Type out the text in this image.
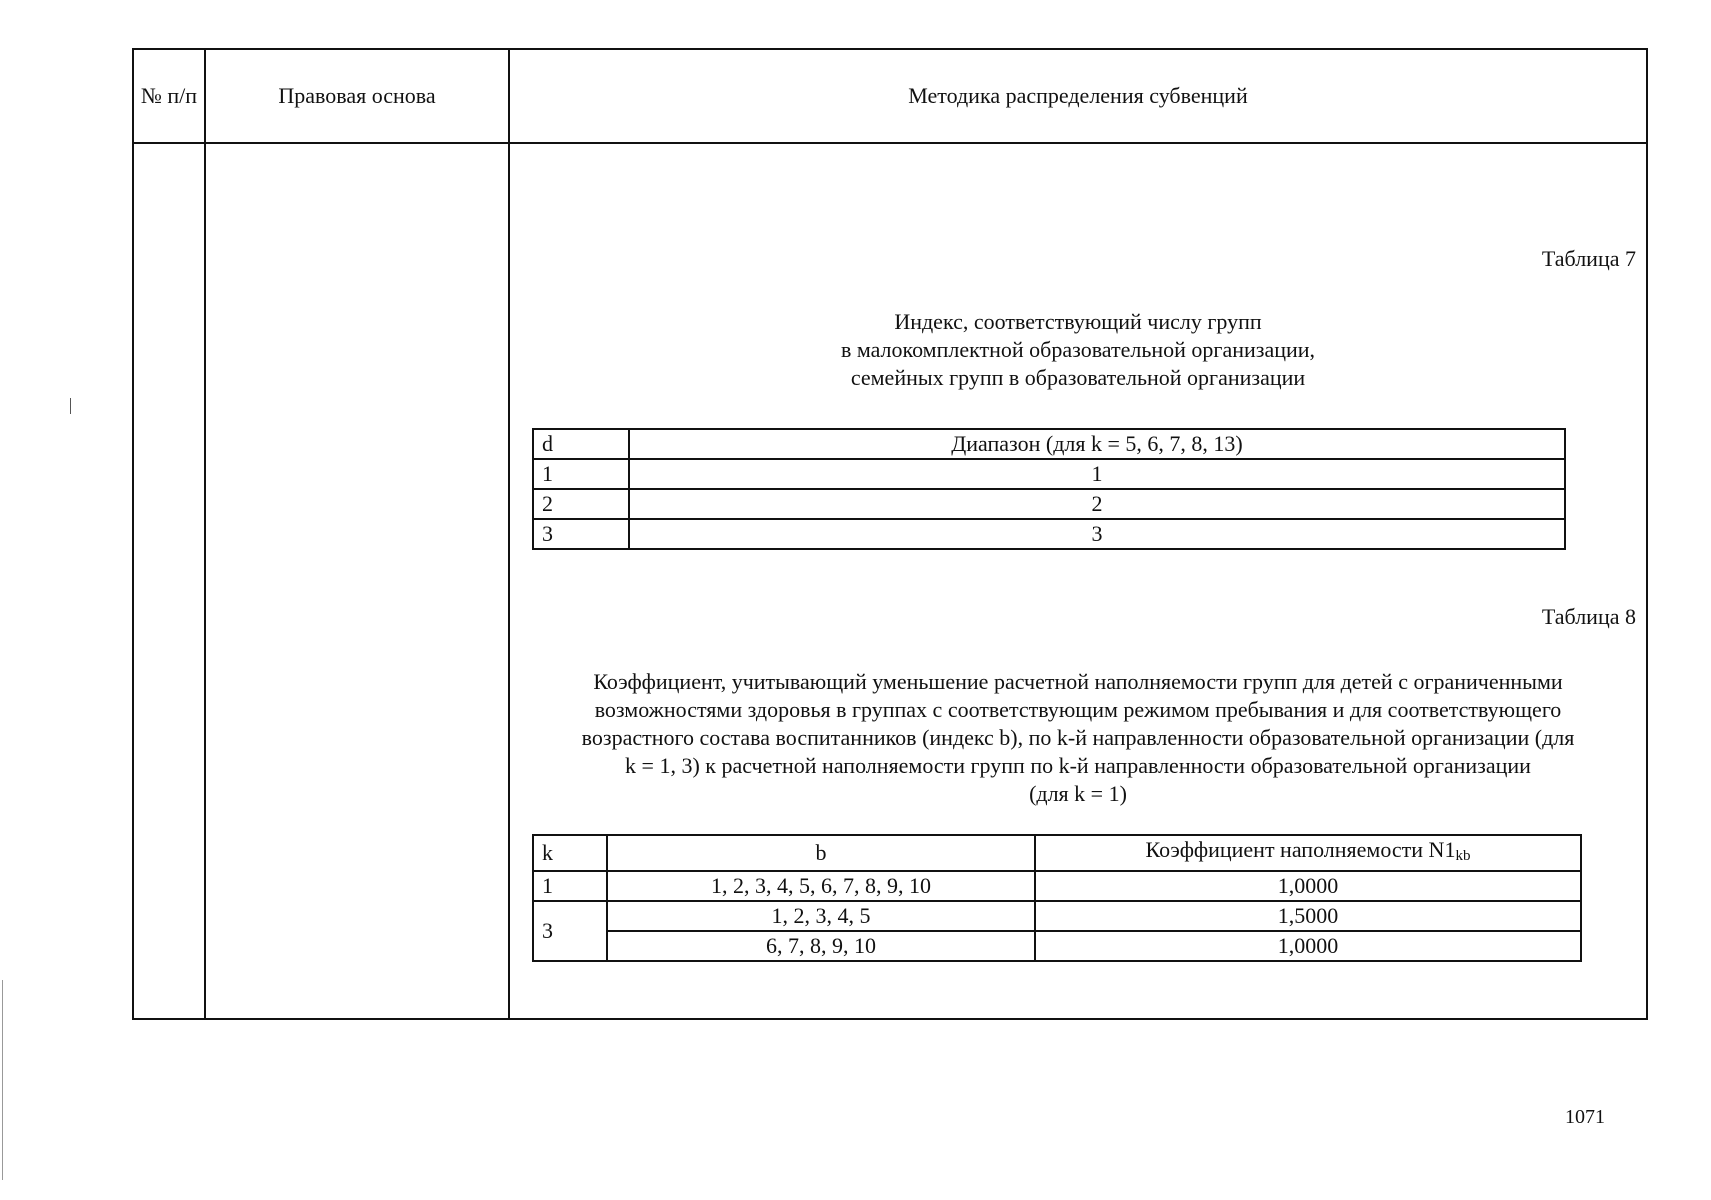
№ п/п	Правовая основа	Методика распределения субвенций
Таблица 7
Индекс, соответствующий числу групп
в малокомплектной образовательной организации,
семейных групп в образовательной организации
d	Диапазон (для k = 5, 6, 7, 8, 13)
1	1
2	2
3	3
Таблица 8
Коэффициент, учитывающий уменьшение расчетной наполняемости групп для детей с ограниченными
возможностями здоровья в группах с соответствующим режимом пребывания и для соответствующего
возрастного состава воспитанников (индекс b), по k-й направленности образовательной организации (для
k = 1, 3) к расчетной наполняемости групп по k-й направленности образовательной организации
(для k = 1)
k	b	Коэффициент наполняемости $N1_{kb}$
1	1, 2, 3, 4, 5, 6, 7, 8, 9, 10	1,0000
3	1, 2, 3, 4, 5	1,5000
	6, 7, 8, 9, 10	1,0000
1071
